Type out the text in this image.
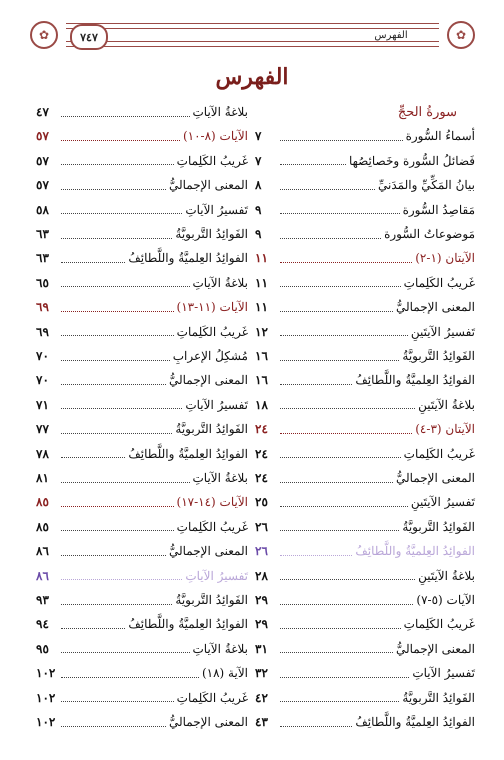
✿	✿
٧٤٧	الفهرس
الفهرس
سورةُ الحجِّ
أسماءُ السُّورة
٧
فَضائلُ السُّورة وخَصائِصُها
٧
بيانُ المَكِّيِّ والمَدَنيِّ
٨
مَقاصِدُ السُّورة
٩
مَوضوعاتُ السُّورة
٩
الآيتان (١-٢)
١١
غَريبُ الكَلِماتِ
١١
المعنى الإجماليُّ
١١
تَفسيرُ الآيتَينِ
١٢
الفَوائِدُ التَّربويَّةُ
١٦
الفوائِدُ العِلميَّةُ واللَّطائِفُ
١٦
بلاغةُ الآيتَينِ
١٨
الآيتان (٣-٤)
٢٤
غَريبُ الكَلِماتِ
٢٤
المعنى الإجماليُّ
٢٤
تَفسيرُ الآيتَينِ
٢٥
الفَوائِدُ التَّربويَّةُ
٢٦
الفوائِدُ العِلميَّةُ واللَّطائِفُ
٢٦
بلاغةُ الآيتَينِ
٢٨
الآيات (٥-٧)
٢٩
غَريبُ الكَلِماتِ
٢٩
المعنى الإجماليُّ
٣١
تَفسيرُ الآياتِ
٣٢
الفَوائِدُ التَّربويَّةُ
٤٢
الفوائِدُ العِلميَّةُ واللَّطائِفُ
٤٣
بلاغةُ الآياتِ
٤٧
الآيات (٨-١٠)
٥٧
غَريبُ الكَلِماتِ
٥٧
المعنى الإجماليُّ
٥٧
تَفسيرُ الآياتِ
٥٨
الفَوائِدُ التَّربويَّةُ
٦٣
الفوائِدُ العِلميَّةُ واللَّطائِفُ
٦٣
بلاغةُ الآياتِ
٦٥
الآيات (١١-١٣)
٦٩
غَريبُ الكَلِماتِ
٦٩
مُشكِلُ الإعرابِ
٧٠
المعنى الإجماليُّ
٧٠
تَفسيرُ الآياتِ
٧١
الفَوائِدُ التَّربويَّةُ
٧٧
الفوائِدُ العِلميَّةُ واللَّطائِفُ
٧٨
بلاغةُ الآياتِ
٨١
الآيات (١٤-١٧)
٨٥
غَريبُ الكَلِماتِ
٨٥
المعنى الإجماليُّ
٨٦
تَفسيرُ الآياتِ
٨٦
الفَوائِدُ التَّربويَّةُ
٩٣
الفوائِدُ العِلميَّةُ واللَّطائِفُ
٩٤
بلاغةُ الآياتِ
٩٥
الآية (١٨)
١٠٢
غَريبُ الكَلِماتِ
١٠٢
المعنى الإجماليُّ
١٠٢
